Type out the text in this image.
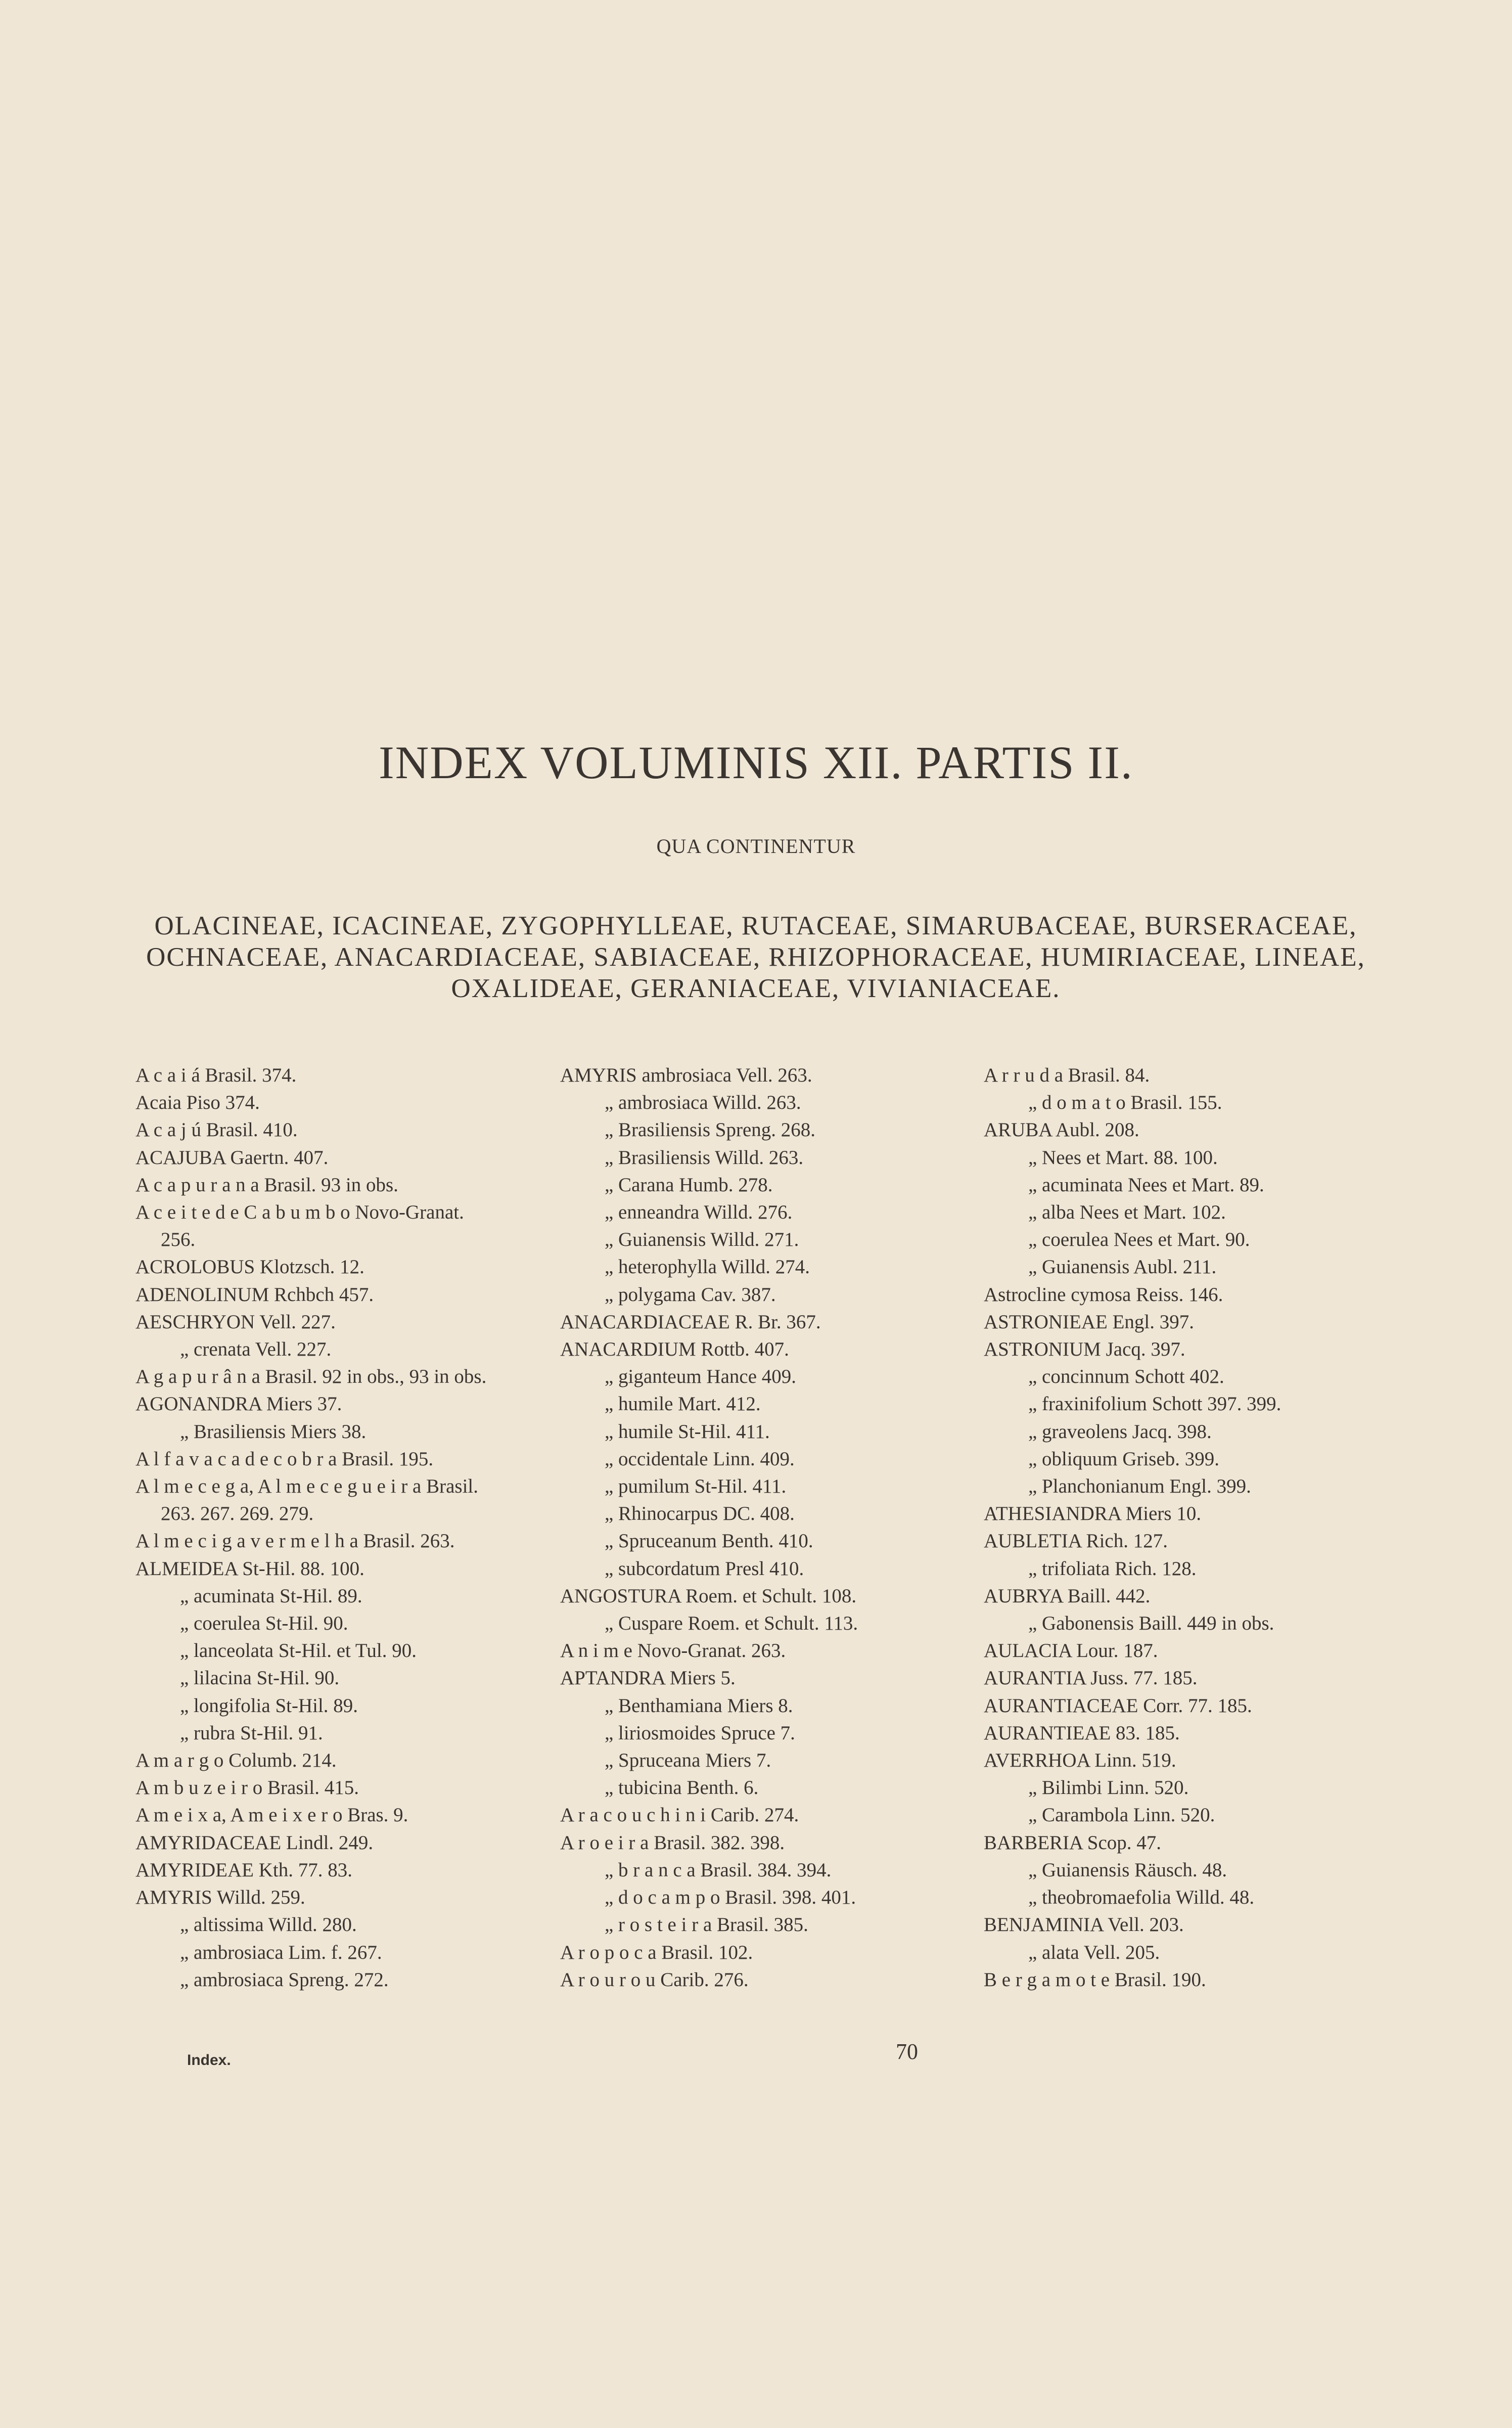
INDEX VOLUMINIS XII. PARTIS II.
QUA CONTINENTUR
OLACINEAE, ICACINEAE, ZYGOPHYLLEAE, RUTACEAE, SIMARUBACEAE, BURSERACEAE,
OCHNACEAE, ANACARDIACEAE, SABIACEAE, RHIZOPHORACEAE, HUMIRIACEAE, LINEAE,
OXALIDEAE, GERANIACEAE, VIVIANIACEAE.
A c a i á Brasil. 374.
Acaia Piso 374.
A c a j ú Brasil. 410.
ACAJUBA Gaertn. 407.
A c a p u r a n a Brasil. 93 in obs.
A c e i t e d e C a b u m b o Novo-Granat.
256.
ACROLOBUS Klotzsch. 12.
ADENOLINUM Rchbch 457.
AESCHRYON Vell. 227.
„ crenata Vell. 227.
A g a p u r â n a Brasil. 92 in obs., 93 in obs.
AGONANDRA Miers 37.
„ Brasiliensis Miers 38.
A l f a v a c a d e c o b r a Brasil. 195.
A l m e c e g a, A l m e c e g u e i r a Brasil.
263. 267. 269. 279.
A l m e c i g a v e r m e l h a Brasil. 263.
ALMEIDEA St-Hil. 88. 100.
„ acuminata St-Hil. 89.
„ coerulea St-Hil. 90.
„ lanceolata St-Hil. et Tul. 90.
„ lilacina St-Hil. 90.
„ longifolia St-Hil. 89.
„ rubra St-Hil. 91.
A m a r g o Columb. 214.
A m b u z e i r o Brasil. 415.
A m e i x a, A m e i x e r o Bras. 9.
AMYRIDACEAE Lindl. 249.
AMYRIDEAE Kth. 77. 83.
AMYRIS Willd. 259.
„ altissima Willd. 280.
„ ambrosiaca Lim. f. 267.
„ ambrosiaca Spreng. 272.
AMYRIS ambrosiaca Vell. 263.
„ ambrosiaca Willd. 263.
„ Brasiliensis Spreng. 268.
„ Brasiliensis Willd. 263.
„ Carana Humb. 278.
„ enneandra Willd. 276.
„ Guianensis Willd. 271.
„ heterophylla Willd. 274.
„ polygama Cav. 387.
ANACARDIACEAE R. Br. 367.
ANACARDIUM Rottb. 407.
„ giganteum Hance 409.
„ humile Mart. 412.
„ humile St-Hil. 411.
„ occidentale Linn. 409.
„ pumilum St-Hil. 411.
„ Rhinocarpus DC. 408.
„ Spruceanum Benth. 410.
„ subcordatum Presl 410.
ANGOSTURA Roem. et Schult. 108.
„ Cuspare Roem. et Schult. 113.
A n i m e Novo-Granat. 263.
APTANDRA Miers 5.
„ Benthamiana Miers 8.
„ liriosmoides Spruce 7.
„ Spruceana Miers 7.
„ tubicina Benth. 6.
A r a c o u c h i n i Carib. 274.
A r o e i r a Brasil. 382. 398.
„ b r a n c a Brasil. 384. 394.
„ d o c a m p o Brasil. 398. 401.
„ r o s t e i r a Brasil. 385.
A r o p o c a Brasil. 102.
A r o u r o u Carib. 276.
A r r u d a Brasil. 84.
„ d o m a t o Brasil. 155.
ARUBA Aubl. 208.
„ Nees et Mart. 88. 100.
„ acuminata Nees et Mart. 89.
„ alba Nees et Mart. 102.
„ coerulea Nees et Mart. 90.
„ Guianensis Aubl. 211.
Astrocline cymosa Reiss. 146.
ASTRONIEAE Engl. 397.
ASTRONIUM Jacq. 397.
„ concinnum Schott 402.
„ fraxinifolium Schott 397. 399.
„ graveolens Jacq. 398.
„ obliquum Griseb. 399.
„ Planchonianum Engl. 399.
ATHESIANDRA Miers 10.
AUBLETIA Rich. 127.
„ trifoliata Rich. 128.
AUBRYA Baill. 442.
„ Gabonensis Baill. 449 in obs.
AULACIA Lour. 187.
AURANTIA Juss. 77. 185.
AURANTIACEAE Corr. 77. 185.
AURANTIEAE 83. 185.
AVERRHOA Linn. 519.
„ Bilimbi Linn. 520.
„ Carambola Linn. 520.
BARBERIA Scop. 47.
„ Guianensis Räusch. 48.
„ theobromaefolia Willd. 48.
BENJAMINIA Vell. 203.
„ alata Vell. 205.
B e r g a m o t e Brasil. 190.
Index.	70
